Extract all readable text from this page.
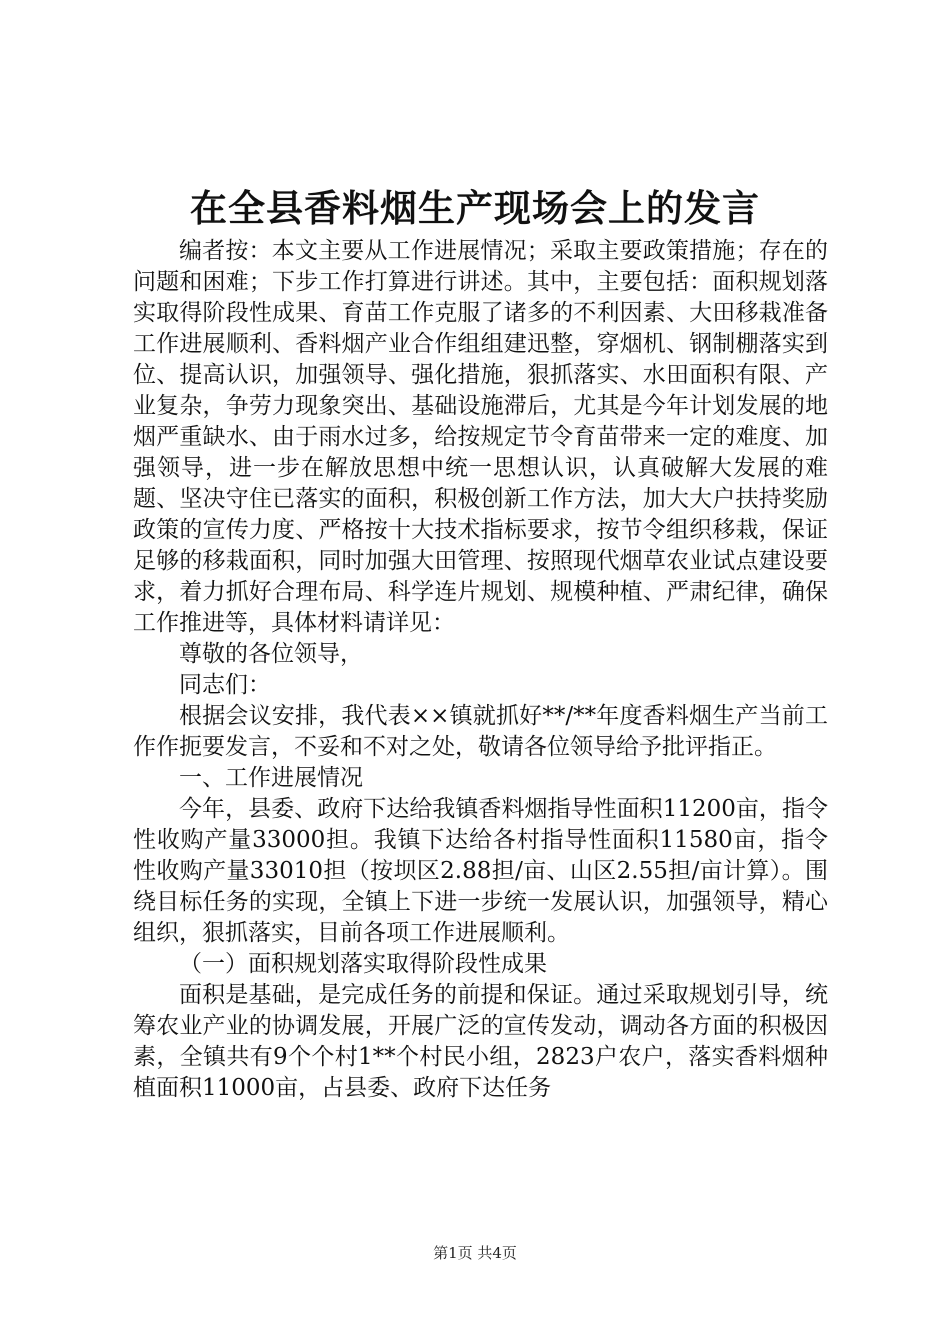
在全县香料烟生产现场会上的发言

编者按：本文主要从工作进展情况；采取主要政策措施；存在的问题和困难；下步工作打算进行讲述。其中，主要包括：面积规划落实取得阶段性成果、育苗工作克服了诸多的不利因素、大田移栽准备工作进展顺利、香料烟产业合作组组建迅整，穿烟机、钢制棚落实到位、提高认识，加强领导、强化措施，狠抓落实、水田面积有限、产业复杂，争劳力现象突出、基础设施滞后，尤其是今年计划发展的地烟严重缺水、由于雨水过多，给按规定节令育苗带来一定的难度、加强领导，进一步在解放思想中统一思想认识，认真破解大发展的难题、坚决守住已落实的面积，积极创新工作方法，加大大户扶持奖励政策的宣传力度、严格按十大技术指标要求，按节令组织移栽，保证足够的移栽面积，同时加强大田管理、按照现代烟草农业试点建设要求，着力抓好合理布局、科学连片规划、规模种植、严肃纪律，确保工作推进等，具体材料请详见：

尊敬的各位领导，

同志们：

根据会议安排，我代表××镇就抓好**/**年度香料烟生产当前工作作扼要发言，不妥和不对之处，敬请各位领导给予批评指正。

一、工作进展情况

今年，县委、政府下达给我镇香料烟指导性面积11200亩，指令性收购产量33000担。我镇下达给各村指导性面积11580亩，指令性收购产量33010担（按坝区2.88担/亩、山区2.55担/亩计算）。围绕目标任务的实现，全镇上下进一步统一发展认识，加强领导，精心组织，狠抓落实，目前各项工作进展顺利。

（一）面积规划落实取得阶段性成果

面积是基础，是完成任务的前提和保证。通过采取规划引导，统筹农业产业的协调发展，开展广泛的宣传发动，调动各方面的积极因素，全镇共有9个个村1**个村民小组，2823户农户，落实香料烟种植面积11000亩，占县委、政府下达任务

第1页 共4页
